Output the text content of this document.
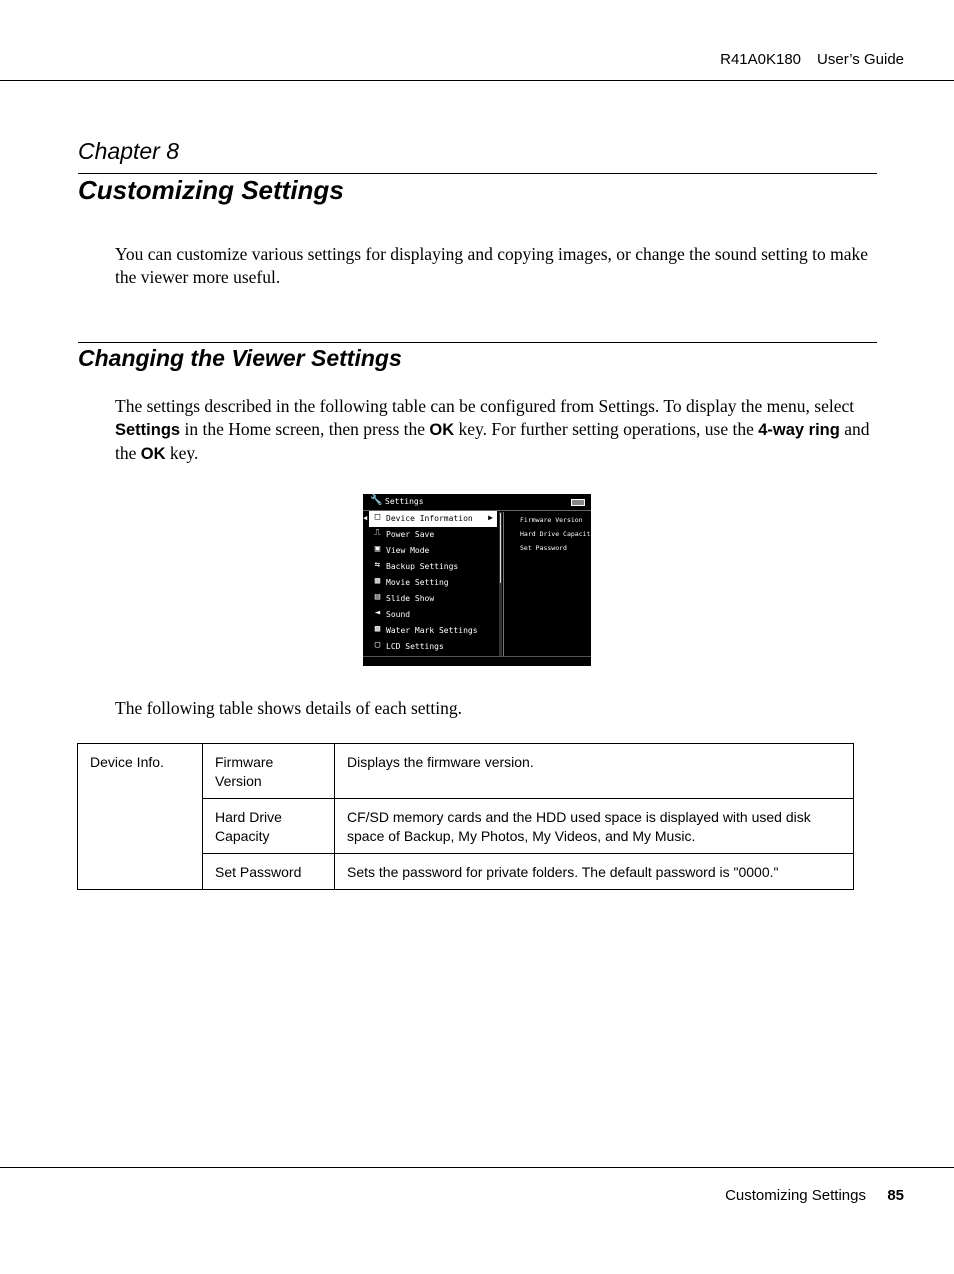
R41A0K180 User’s Guide
Chapter 8
Customizing Settings
You can customize various settings for displaying and copying images, or change the sound setting to make the viewer more useful.
Changing the Viewer Settings
The settings described in the following table can be configured from Settings. To display the menu, select Settings in the Home screen, then press the OK key. For further setting operations, use the 4-way ring and the OK key.
🔧 Settings
◀ □ Device Information ▶
⎍ Power Save
▣ View Mode
⇆ Backup Settings
▦ Movie Setting
▤ Slide Show
◄ Sound
▩ Water Mark Settings
▢ LCD Settings
Firmware Version
Hard Drive Capacit
Set Password
The following table shows details of each setting.
Device Info.	Firmware Version	Displays the firmware version.
	Hard Drive Capacity	CF/SD memory cards and the HDD used space is displayed with used disk space of Backup, My Photos, My Videos, and My Music.
	Set Password	Sets the password for private folders. The default password is "0000."
Customizing Settings 85
